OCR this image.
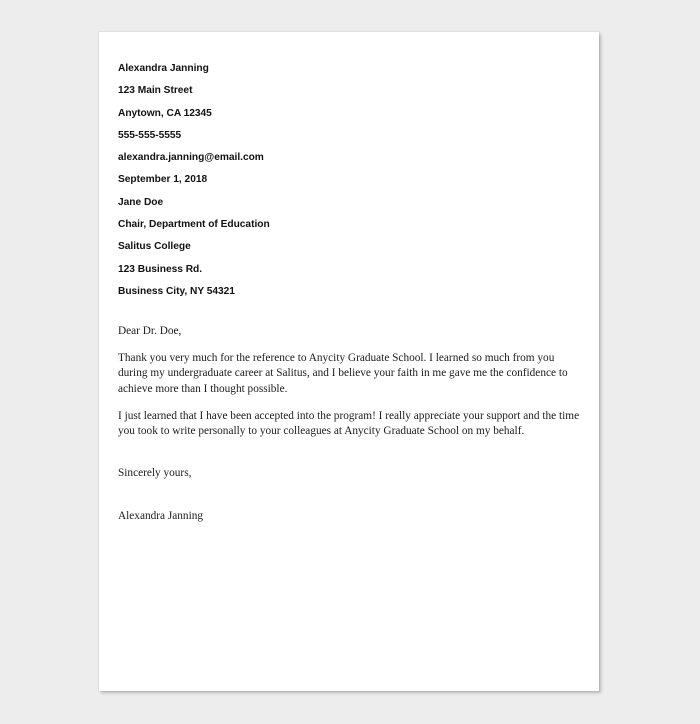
Alexandra Janning
123 Main Street
Anytown, CA 12345
555-555-5555
alexandra.janning@email.com
September 1, 2018
Jane Doe
Chair, Department of Education
Salitus College
123 Business Rd.
Business City, NY 54321
Dear Dr. Doe,

Thank you very much for the reference to Anycity Graduate School. I learned so much from you during my undergraduate career at Salitus, and I believe your faith in me gave me the confidence to achieve more than I thought possible.

I just learned that I have been accepted into the program! I really appreciate your support and the time you took to write personally to your colleagues at Anycity Graduate School on my behalf.

Sincerely yours,
Alexandra Janning
